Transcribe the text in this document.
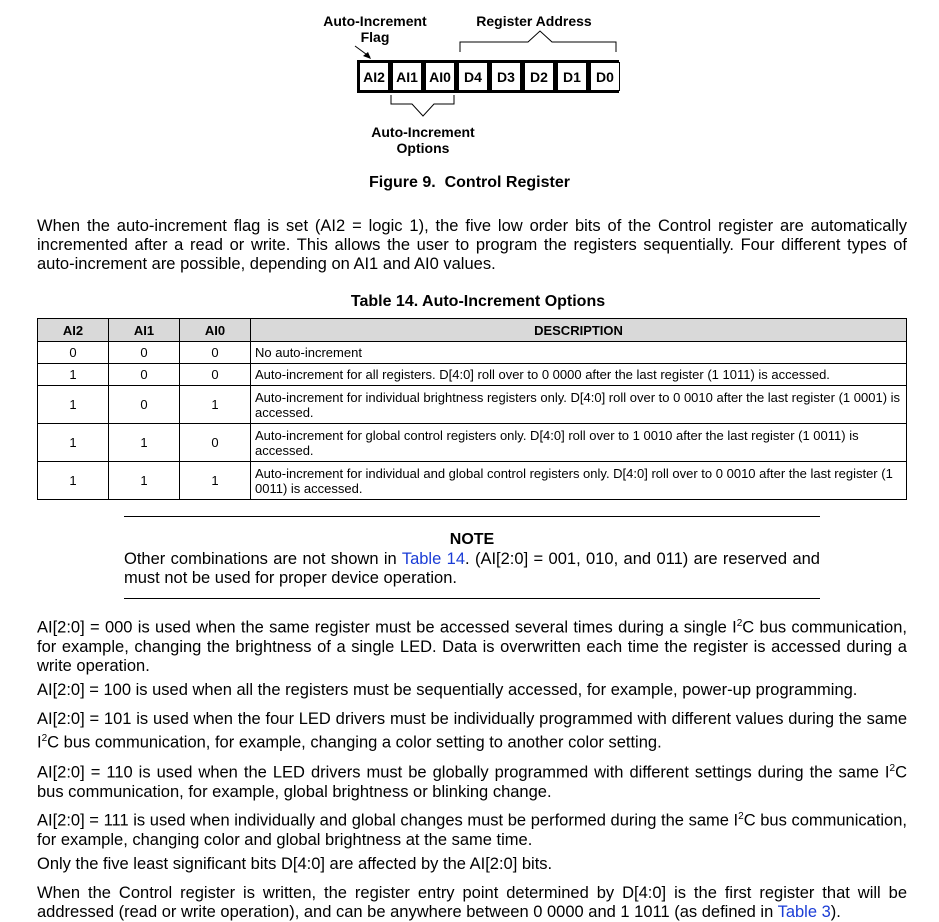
Auto-Increment
Flag
Register Address
AI2 AI1 AI0 D4	D3	D2	D1	D0
Auto-Increment
Options
Figure 9.  Control Register
When the auto-increment flag is set (AI2 = logic 1), the five low order bits of the Control register are automatically incremented after a read or write. This allows the user to program the registers sequentially. Four different types of auto-increment are possible, depending on AI1 and AI0 values.
Table 14. Auto-Increment Options
AI2	AI1	AI0	DESCRIPTION
0	0	0	No auto-increment
1	0	0	Auto-increment for all registers. D[4:0] roll over to 0 0000 after the last register (1 1011) is accessed.
1	0	1	Auto-increment for individual brightness registers only. D[4:0] roll over to 0 0010 after the last register (1 0001) is accessed.
1	1	0	Auto-increment for global control registers only. D[4:0] roll over to 1 0010 after the last register (1 0011) is accessed.
1	1	1	Auto-increment for individual and global control registers only. D[4:0] roll over to 0 0010 after the last register (1 0011) is accessed.
NOTE
Other combinations are not shown in Table 14. (AI[2:0] = 001, 010, and 011) are reserved and must not be used for proper device operation.
AI[2:0] = 000 is used when the same register must be accessed several times during a single $I^2C$ bus communication, for example, changing the brightness of a single LED. Data is overwritten each time the register is accessed during a write operation.
AI[2:0] = 100 is used when all the registers must be sequentially accessed, for example, power-up programming.
AI[2:0] = 101 is used when the four LED drivers must be individually programmed with different values during the same $I^2C$ bus communication, for example, changing a color setting to another color setting.
AI[2:0] = 110 is used when the LED drivers must be globally programmed with different settings during the same $I^2C$ bus communication, for example, global brightness or blinking change.
AI[2:0] = 111 is used when individually and global changes must be performed during the same $I^2C$ bus communication, for example, changing color and global brightness at the same time.
Only the five least significant bits D[4:0] are affected by the AI[2:0] bits.
When the Control register is written, the register entry point determined by D[4:0] is the first register that will be addressed (read or write operation), and can be anywhere between 0 0000 and 1 1011 (as defined in Table 3).
